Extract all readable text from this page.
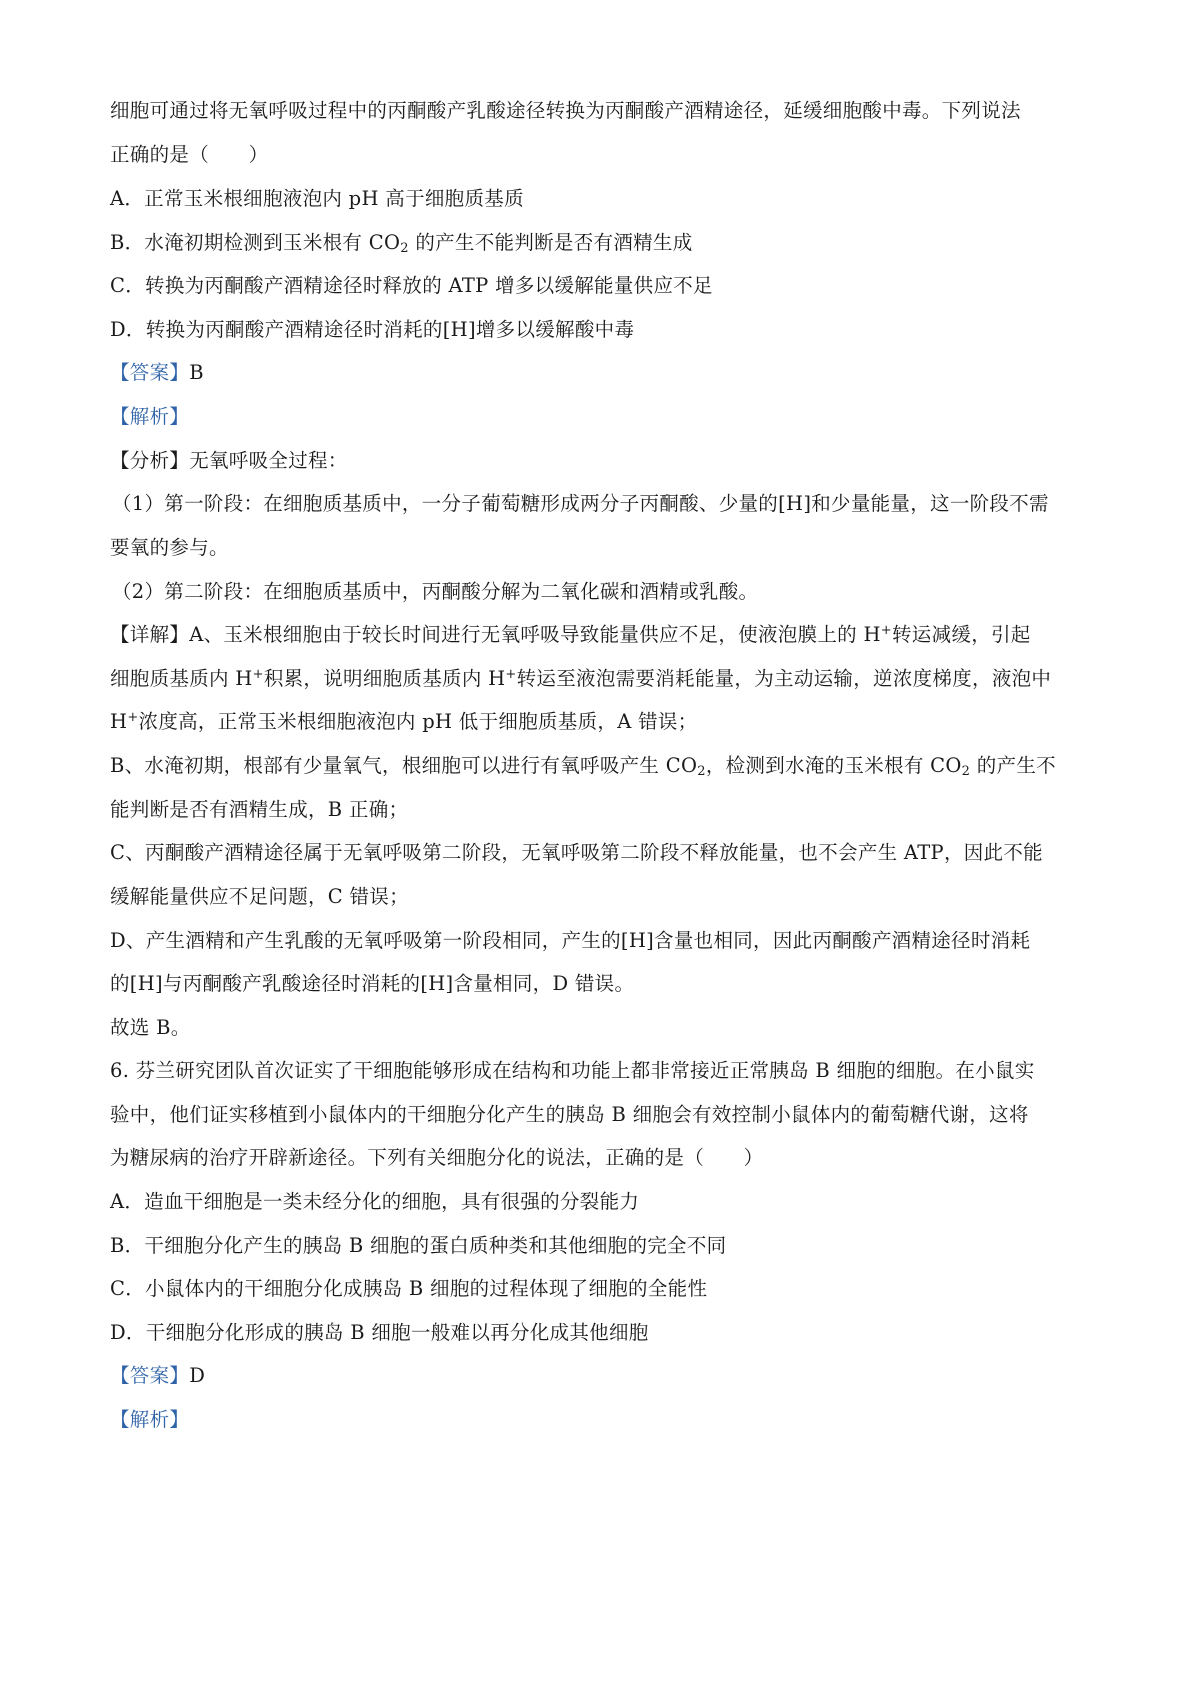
细胞可通过将无氧呼吸过程中的丙酮酸产乳酸途径转换为丙酮酸产酒精途径，延缓细胞酸中毒。下列说法
正确的是（　　）
A．正常玉米根细胞液泡内 pH 高于细胞质基质
B．水淹初期检测到玉米根有 $CO_2$ 的产生不能判断是否有酒精生成
C．转换为丙酮酸产酒精途径时释放的 ATP 增多以缓解能量供应不足
D．转换为丙酮酸产酒精途径时消耗的[H]增多以缓解酸中毒
【答案】B
【解析】
【分析】无氧呼吸全过程：
（1）第一阶段：在细胞质基质中，一分子葡萄糖形成两分子丙酮酸、少量的[H]和少量能量，这一阶段不需
要氧的参与。
（2）第二阶段：在细胞质基质中，丙酮酸分解为二氧化碳和酒精或乳酸。
【详解】A、玉米根细胞由于较长时间进行无氧呼吸导致能量供应不足，使液泡膜上的 H+转运减缓，引起
细胞质基质内 H+积累，说明细胞质基质内 H+转运至液泡需要消耗能量，为主动运输，逆浓度梯度，液泡中
H+浓度高，正常玉米根细胞液泡内 pH 低于细胞质基质，A 错误；
B、水淹初期，根部有少量氧气，根细胞可以进行有氧呼吸产生 $CO_2$，检测到水淹的玉米根有 $CO_2$ 的产生不
能判断是否有酒精生成，B 正确；
C、丙酮酸产酒精途径属于无氧呼吸第二阶段，无氧呼吸第二阶段不释放能量，也不会产生 ATP，因此不能
缓解能量供应不足问题，C 错误；
D、产生酒精和产生乳酸的无氧呼吸第一阶段相同，产生的[H]含量也相同，因此丙酮酸产酒精途径时消耗
的[H]与丙酮酸产乳酸途径时消耗的[H]含量相同，D 错误。
故选 B。
6. 芬兰研究团队首次证实了干细胞能够形成在结构和功能上都非常接近正常胰岛 B 细胞的细胞。在小鼠实
验中，他们证实移植到小鼠体内的干细胞分化产生的胰岛 B 细胞会有效控制小鼠体内的葡萄糖代谢，这将
为糖尿病的治疗开辟新途径。下列有关细胞分化的说法，正确的是（　　）
A．造血干细胞是一类未经分化的细胞，具有很强的分裂能力
B．干细胞分化产生的胰岛 B 细胞的蛋白质种类和其他细胞的完全不同
C．小鼠体内的干细胞分化成胰岛 B 细胞的过程体现了细胞的全能性
D．干细胞分化形成的胰岛 B 细胞一般难以再分化成其他细胞
【答案】D
【解析】
